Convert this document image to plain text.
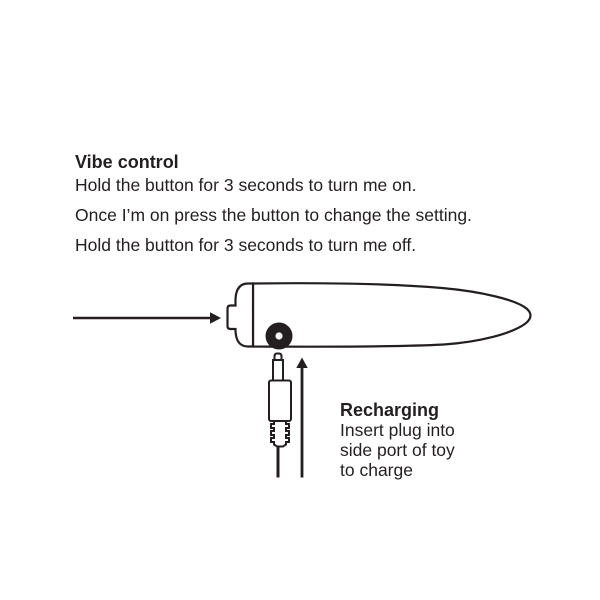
Vibe control

Hold the button for 3 seconds to turn me on.

Once I’m on press the button to change the setting.

Hold the button for 3 seconds to turn me off.

Recharging
Insert plug into
side port of toy
to charge
